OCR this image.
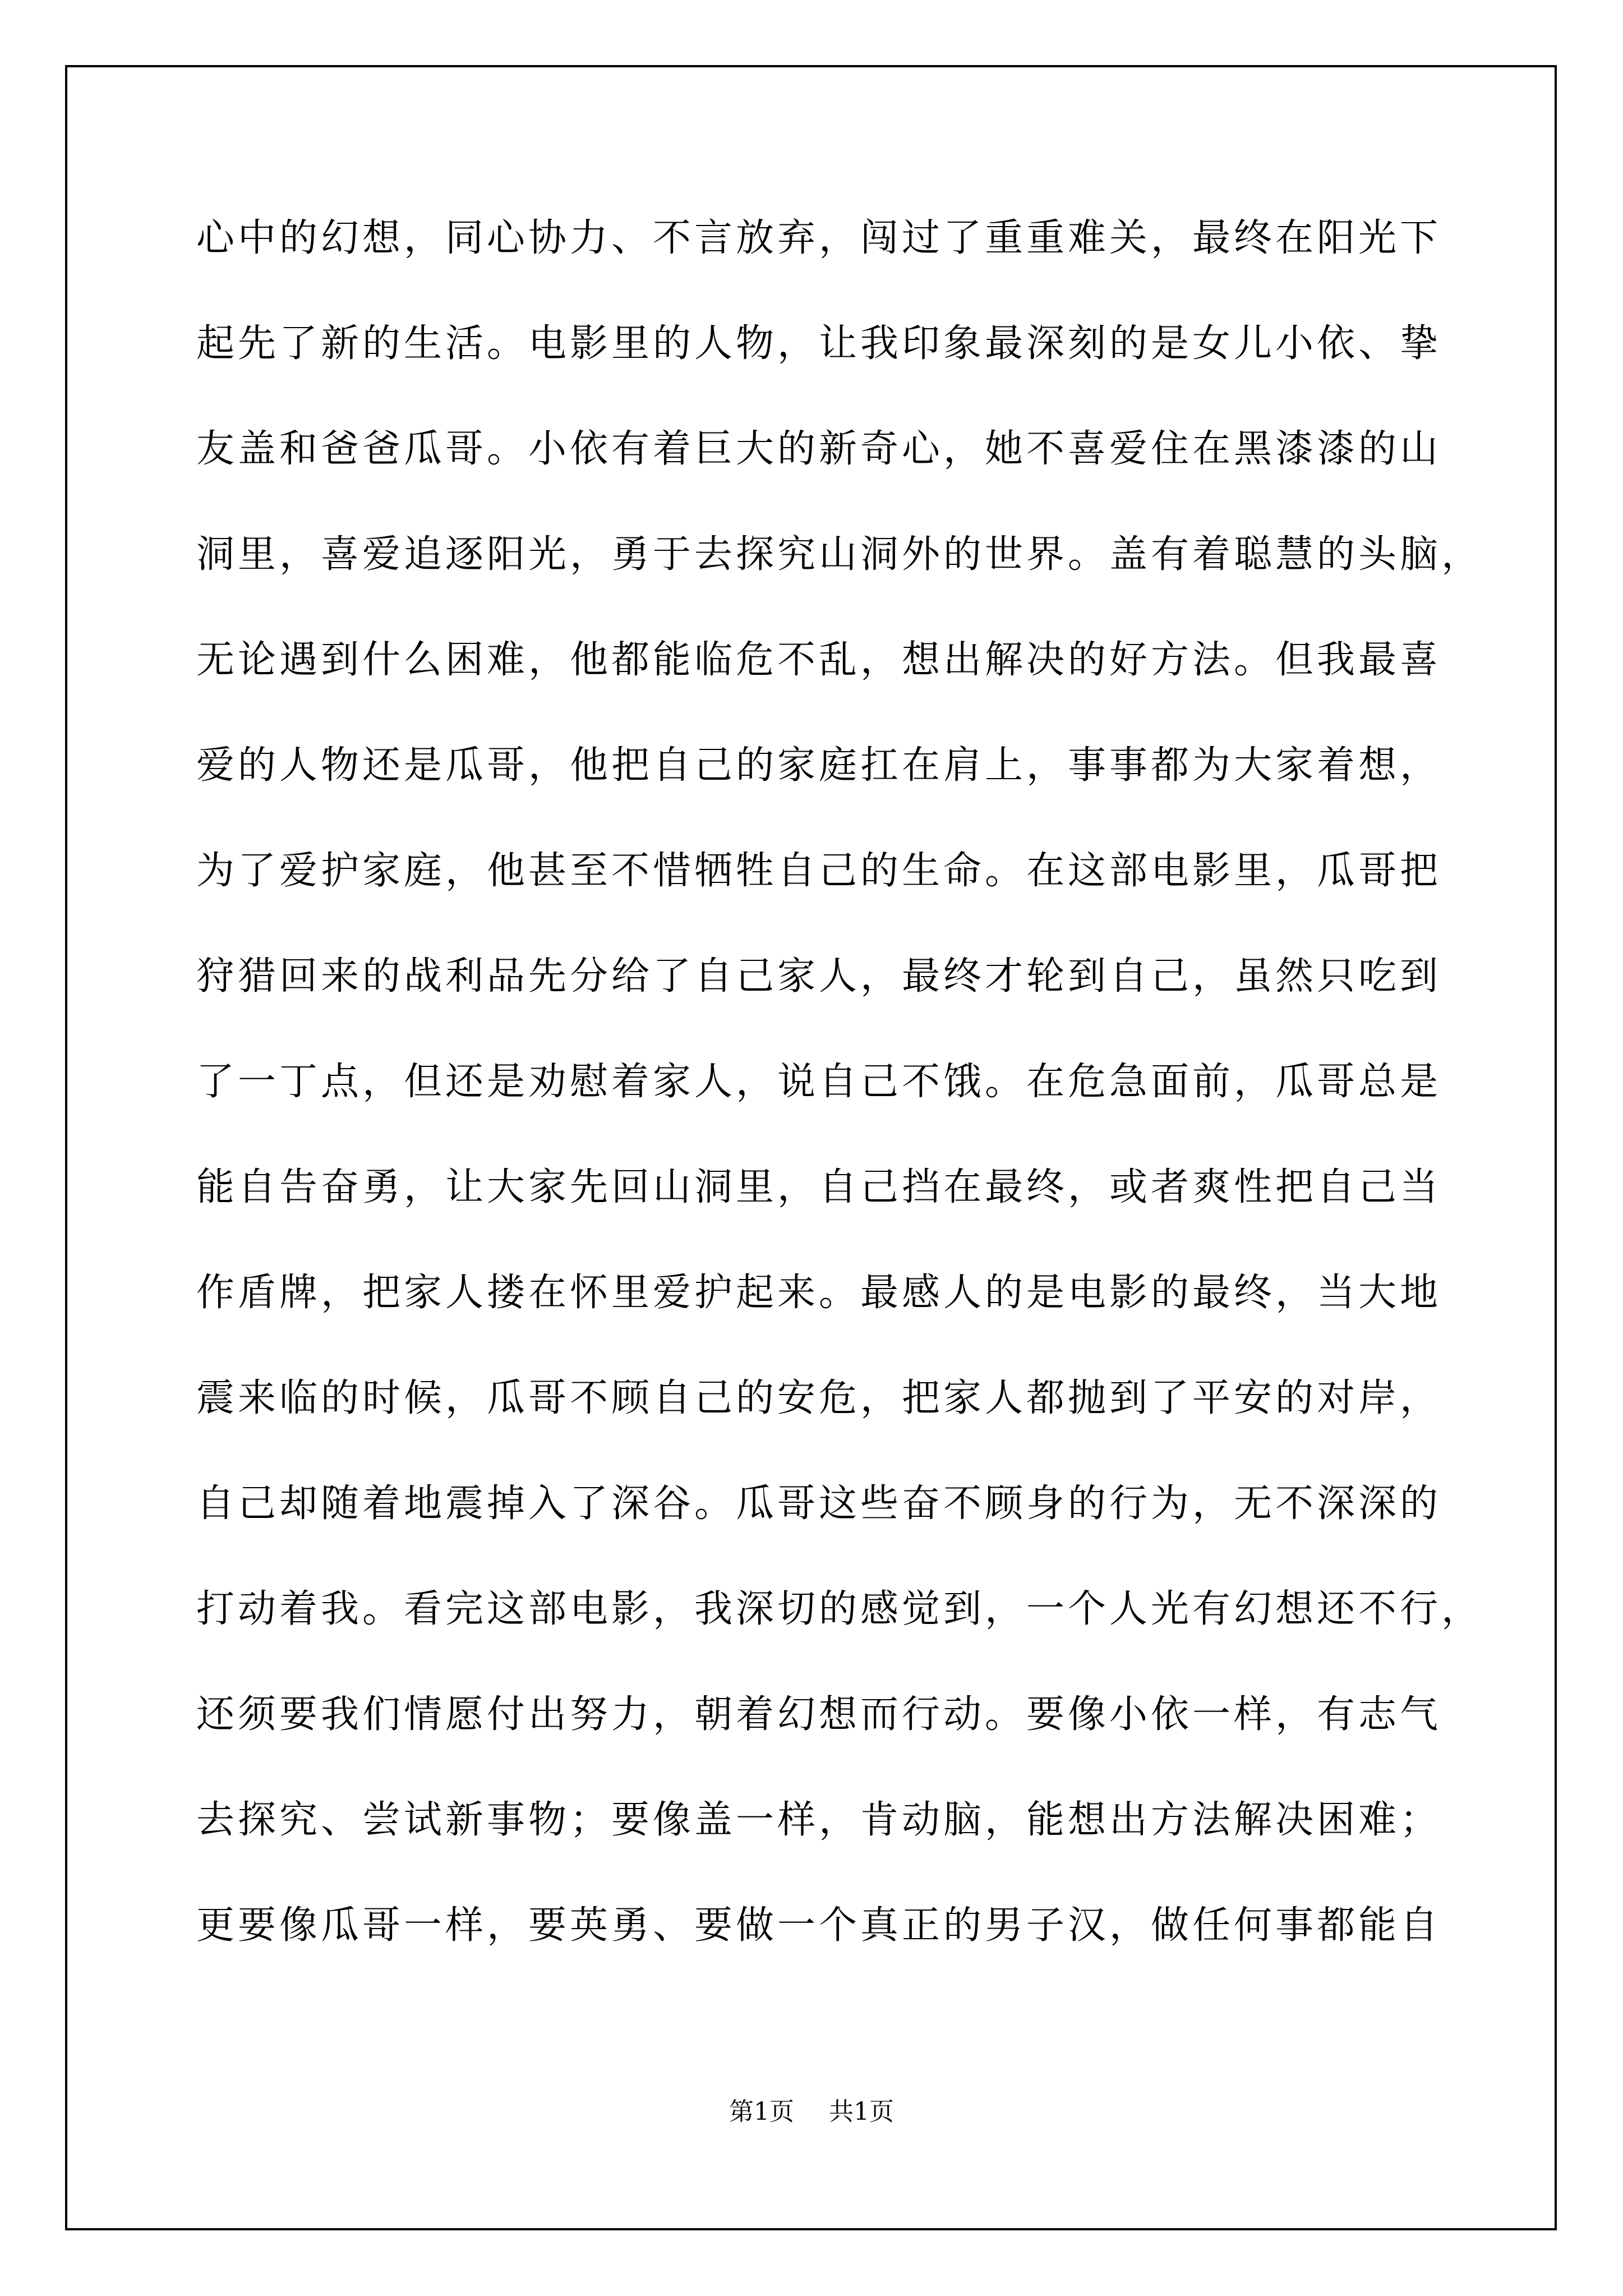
心中的幻想，同心协力、不言放弃，闯过了重重难关，最终在阳光下
起先了新的生活。电影里的人物，让我印象最深刻的是女儿小依、挚
友盖和爸爸瓜哥。小依有着巨大的新奇心，她不喜爱住在黑漆漆的山
洞里，喜爱追逐阳光，勇于去探究山洞外的世界。盖有着聪慧的头脑，
无论遇到什么困难，他都能临危不乱，想出解决的好方法。但我最喜
爱的人物还是瓜哥，他把自己的家庭扛在肩上，事事都为大家着想，
为了爱护家庭，他甚至不惜牺牲自己的生命。在这部电影里，瓜哥把
狩猎回来的战利品先分给了自己家人，最终才轮到自己，虽然只吃到
了一丁点，但还是劝慰着家人，说自己不饿。在危急面前，瓜哥总是
能自告奋勇，让大家先回山洞里，自己挡在最终，或者爽性把自己当
作盾牌，把家人搂在怀里爱护起来。最感人的是电影的最终，当大地
震来临的时候，瓜哥不顾自己的安危，把家人都抛到了平安的对岸，
自己却随着地震掉入了深谷。瓜哥这些奋不顾身的行为，无不深深的
打动着我。看完这部电影，我深切的感觉到，一个人光有幻想还不行，
还须要我们情愿付出努力，朝着幻想而行动。要像小依一样，有志气
去探究、尝试新事物；要像盖一样，肯动脑，能想出方法解决困难；
更要像瓜哥一样，要英勇、要做一个真正的男子汉，做任何事都能自
第1页 共1页
